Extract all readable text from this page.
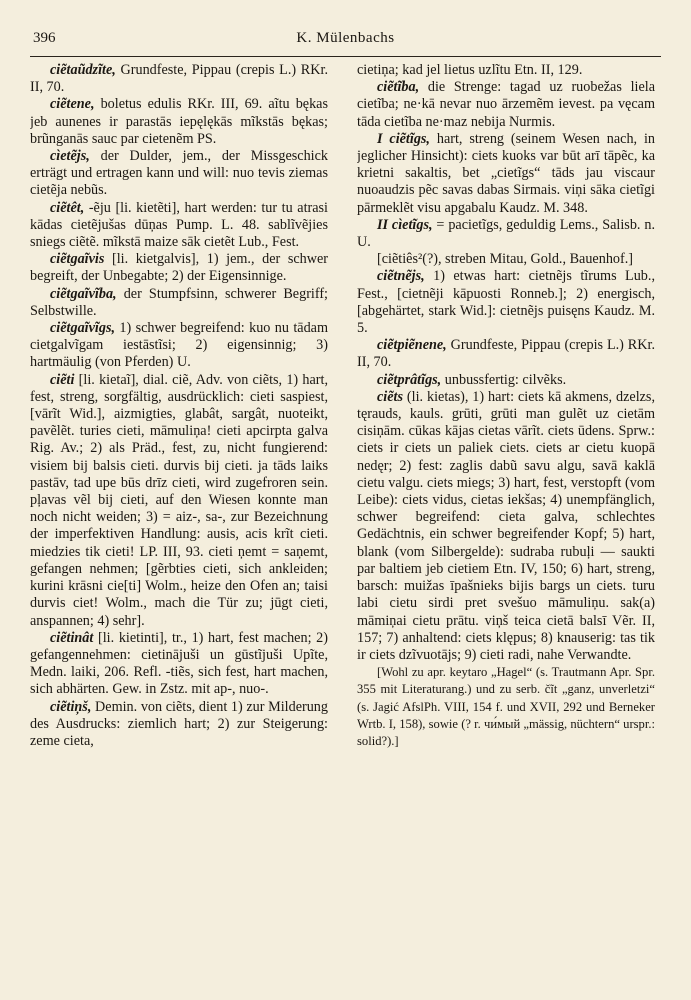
396	K. Mülenbachs

ciẽtaũdzĩte, Grundfeste, Pippau (crepis L.) RKr. II, 70.

ciẽtene, boletus edulis RKr. III, 69. aĩtu bękas jeb aunenes ir parastās iepęlękās mĩkstās bękas; brũnganās sauc par cietenẽm PS.

cìetẽjs, der Dulder, jem., der Missgeschick erträgt und ertragen kann und will: nuo tevis ziemas cietẽja nebũs.

ciẽtêt, -ẽju [li. kietẽti], hart werden: tur tu atrasi kādas cietẽjušas dūņas Pump. L. 48. sablĩvẽjies sniegs ciẽtẽ. mĩkstā maize sāk cietẽt Lub., Fest.

ciẽtgaĩvis [li. kietgalvis], 1) jem., der schwer begreift, der Unbegabte; 2) der Eigensinnige.

ciẽtgaĩvĩba, der Stumpfsinn, schwerer Begriff; Selbstwille.

ciẽtgaĩvĩgs, 1) schwer begreifend: kuo nu tādam cietgalvĩgam iestāstĩsi; 2) eigensinnig; 3) hartmäulig (von Pferden) U.

ciẽti [li. kietaĩ], dial. ciẽ, Adv. von ciẽts, 1) hart, fest, streng, sorgfältig, ausdrücklich: cieti saspiest, [vārĩt Wid.], aizmigties, glabât, sargât, nuoteikt, pavẽlẽt. turies cieti, māmuliņa! cieti apcirpta galva Rig. Av.; 2) als Präd., fest, zu, nicht fungierend: visiem bij balsis cieti. durvis bij cieti. ja tāds laiks pastāv, tad upe būs drīz cieti, wird zugefroren sein. pļavas vẽl bij cieti, auf den Wiesen konnte man noch nicht weiden; 3) = aiz-, sa-, zur Bezeichnung der imperfektiven Handlung: ausis, acis krĩt cieti. miedzies tik cieti! LP. III, 93. cieti ņemt = saņemt, gefangen nehmen; [gẽrbties cieti, sich ankleiden; kurini krāsni cie[ti] Wolm., heize den Ofen an; taisi durvis ciet! Wolm., mach die Tür zu; jūgt cieti, anspannen; 4) sehr].

ciẽtinât [li. kietinti], tr., 1) hart, fest machen; 2) gefangennehmen: cietinājuši un gūstĩjuši Upĩte, Medn. laiki, 206. Refl. -tiẽs, sich fest, hart machen, sich abhärten. Gew. in Zstz. mit ap-, nuo-.

ciẽtiņš, Demin. von ciẽts, dient 1) zur Milderung des Ausdrucks: ziemlich hart; 2) zur Steigerung: zeme cieta,

cietiņa; kad jel lietus uzlĩtu Etn. II, 129.

ciẽtĩba, die Strenge: tagad uz ruobežas liela cietĩba; ne·kā nevar nuo ārzemẽm ievest. pa vęcam tāda cietĩba ne·maz nebija Nurmis.

I ciẽtĩgs, hart, streng (seinem Wesen nach, in jeglicher Hinsicht): ciets kuoks var būt arī tāpẽc, ka krietni sakaltis, bet „cietĩgs“ tāds jau viscaur nuoaudzis pẽc savas dabas Sirmais. viņi sāka cietĩgi pārmeklẽt visu apgabalu Kaudz. M. 348.

II cìetĩgs, = pacietĩgs, geduldig Lems., Salisb. n. U.

[ciẽtiês²(?), streben Mitau, Gold., Bauenhof.]

ciẽtnẽjs, 1) etwas hart: cietnẽjs tĩrums Lub., Fest., [cietnẽji kāpuosti Ronneb.]; 2) energisch, [abgehärtet, stark Wid.]: cietnẽjs puisęns Kaudz. M. 5.

ciẽtpiẽnene, Grundfeste, Pippau (crepis L.) RKr. II, 70.

ciẽtprâtĩgs, unbussfertig: cilvẽks.

ciẽts (li. kietas), 1) hart: ciets kā akmens, dzelzs, tęrauds, kauls. grūti, grūti man gulẽt uz cietām cisiņām. cūkas kājas cietas vārĩt. ciets ūdens. Sprw.: ciets ir ciets un paliek ciets. ciets ar cietu kuopā nedęr; 2) fest: zaglis dabũ savu algu, savā kaklā cietu valgu. ciets miegs; 3) hart, fest, verstopft (vom Leibe): ciets vidus, cietas iekšas; 4) unempfänglich, schwer begreifend: cieta galva, schlechtes Gedächtnis, ein schwer begreifender Kopf; 5) hart, blank (vom Silbergelde): sudraba rubuļi — saukti par baltiem jeb cietiem Etn. IV, 150; 6) hart, streng, barsch: muižas īpašnieks bijis bargs un ciets. turu labi cietu sirdi pret svešuo māmuliņu. sak(a) māmiņai cietu prātu. viņš teica cietā balsī Vẽr. II, 157; 7) anhaltend: ciets klępus; 8) knauserig: tas tik ir ciets dzĩvuotājs; 9) cieti radi, nahe Verwandte.

[Wohl zu apr. keytaro „Hagel“ (s. Trautmann Apr. Spr. 355 mit Literaturang.) und zu serb. čĩt „ganz, unverletzi“ (s. Jagić AfslPh. VIII, 154 f. und XVII, 292 und Berneker Wrtb. I, 158), sowie (? r. чи́мый „mässig, nüchtern“ urspr.: solid?).]
